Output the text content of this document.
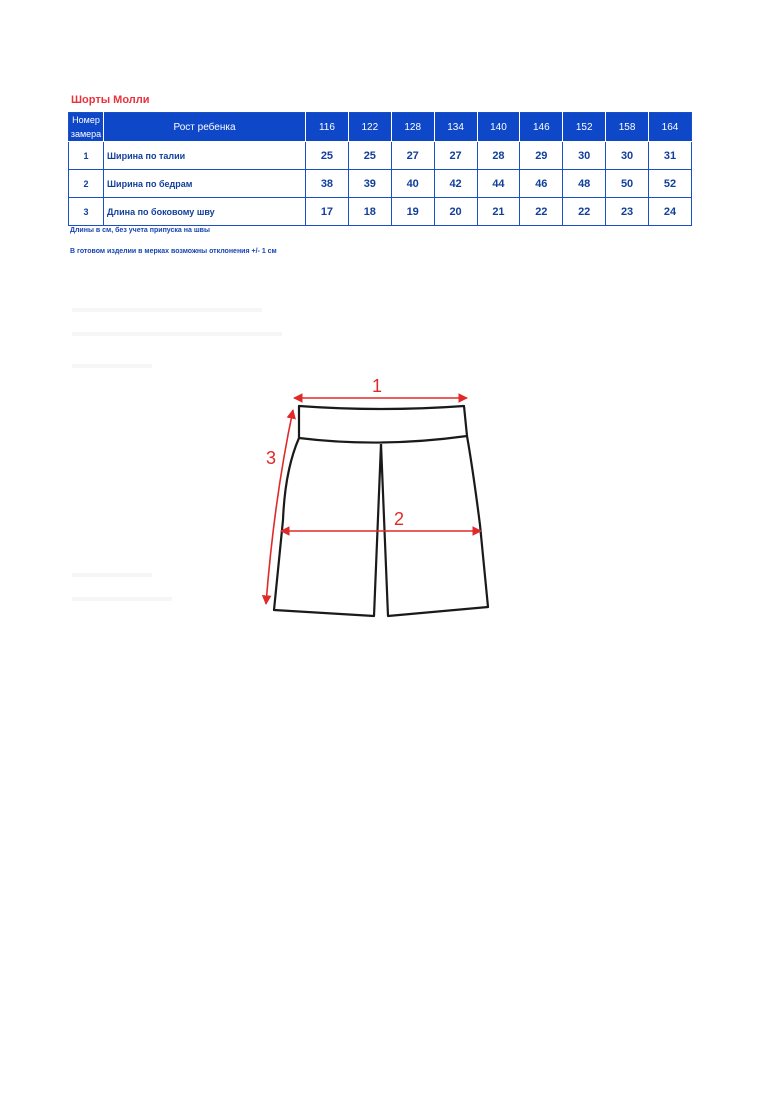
Шорты Молли
Номер замера	Рост ребенка	116	122	128	134	140	146	152	158	164
1	Ширина по талии	25	25	27	27	28	29	30	30	31
2	Ширина по бедрам	38	39	40	42	44	46	48	50	52
3	Длина по боковому шву	17	18	19	20	21	22	22	23	24
Длины в см, без учета припуска на швы
В готовом изделии в мерках возможны отклонения +/- 1 см
1
2
3
